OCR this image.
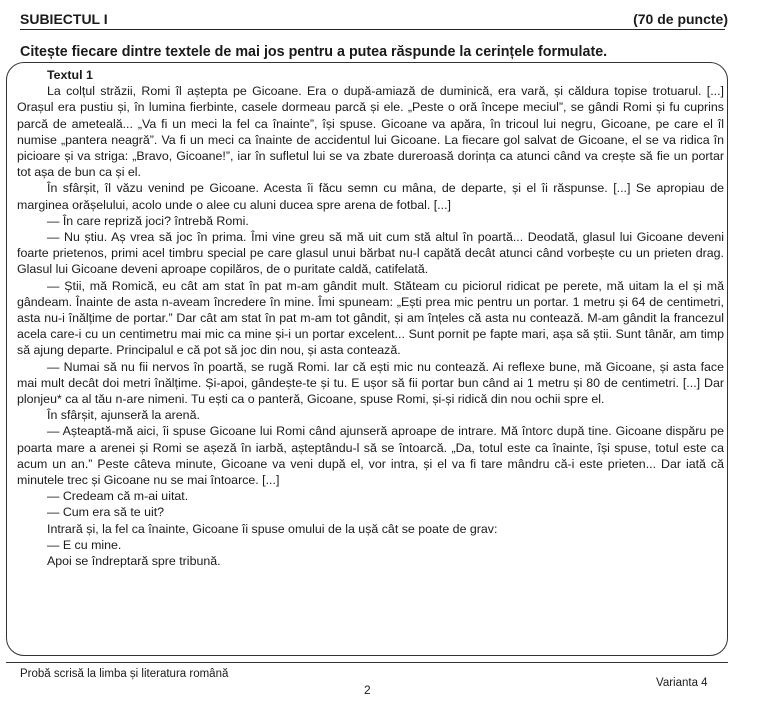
SUBIECTUL I	(70 de puncte)
Citește fiecare dintre textele de mai jos pentru a putea răspunde la cerințele formulate.
Textul 1

La colțul străzii, Romi îl aștepta pe Gicoane. Era o după-amiază de duminică, era vară, și căldura topise trotuarul. [...] Orașul era pustiu și, în lumina fierbinte, casele dormeau parcă și ele. „Peste o oră începe meciul”, se gândi Romi și fu cuprins parcă de ameteală... „Va fi un meci la fel ca înainte”, își spuse. Gicoane va apăra, în tricoul lui negru, Gicoane, pe care el îl numise „pantera neagră”. Va fi un meci ca înainte de accidentul lui Gicoane. La fiecare gol salvat de Gicoane, el se va ridica în picioare și va striga: „Bravo, Gicoane!”, iar în sufletul lui se va zbate dureroasă dorința ca atunci când va crește să fie un portar tot așa de bun ca și el.

În sfârșit, îl văzu venind pe Gicoane. Acesta îi făcu semn cu mâna, de departe, și el îi răspunse. [...] Se apropiau de marginea orășelului, acolo unde o alee cu aluni ducea spre arena de fotbal. [...]

— În care repriză joci? întrebă Romi.

— Nu știu. Aș vrea să joc în prima. Îmi vine greu să mă uit cum stă altul în poartă... Deodată, glasul lui Gicoane deveni foarte prietenos, primi acel timbru special pe care glasul unui bărbat nu-l capătă decât atunci când vorbește cu un prieten drag. Glasul lui Gicoane deveni aproape copilăros, de o puritate caldă, catifelată.

— Știi, mă Romică, eu cât am stat în pat m-am gândit mult. Stăteam cu piciorul ridicat pe perete, mă uitam la el și mă gândeam. Înainte de asta n-aveam încredere în mine. Îmi spuneam: „Ești prea mic pentru un portar. 1 metru și 64 de centimetri, asta nu-i înălțime de portar.” Dar cât am stat în pat m-am tot gândit, și am înțeles că asta nu contează. M-am gândit la francezul acela care-i cu un centimetru mai mic ca mine și-i un portar excelent... Sunt pornit pe fapte mari, așa să știi. Sunt tânăr, am timp să ajung departe. Principalul e că pot să joc din nou, și asta contează.

— Numai să nu fii nervos în poartă, se rugă Romi. Iar că ești mic nu contează. Ai reflexe bune, mă Gicoane, și asta face mai mult decât doi metri înălțime. Și-apoi, gândește-te și tu. E ușor să fii portar bun când ai 1 metru și 80 de centimetri. [...] Dar plonjeu* ca al tău n-are nimeni. Tu ești ca o panteră, Gicoane, spuse Romi, și-și ridică din nou ochii spre el.

În sfârșit, ajunseră la arenă.

— Așteaptă-mă aici, îi spuse Gicoane lui Romi când ajunseră aproape de intrare. Mă întorc după tine. Gicoane dispăru pe poarta mare a arenei și Romi se așeză în iarbă, așteptându-l să se întoarcă. „Da, totul este ca înainte, își spuse, totul este ca acum un an.” Peste câteva minute, Gicoane va veni după el, vor intra, și el va fi tare mândru că-i este prieten... Dar iată că minutele trec și Gicoane nu se mai întoarce. [...]

— Credeam că m-ai uitat.

— Cum era să te uit?

Intrară și, la fel ca înainte, Gicoane îi spuse omului de la ușă cât se poate de grav:

— E cu mine.

Apoi se îndreptară spre tribună.

Probă scrisă la limba și literatura română
2	Varianta 4
